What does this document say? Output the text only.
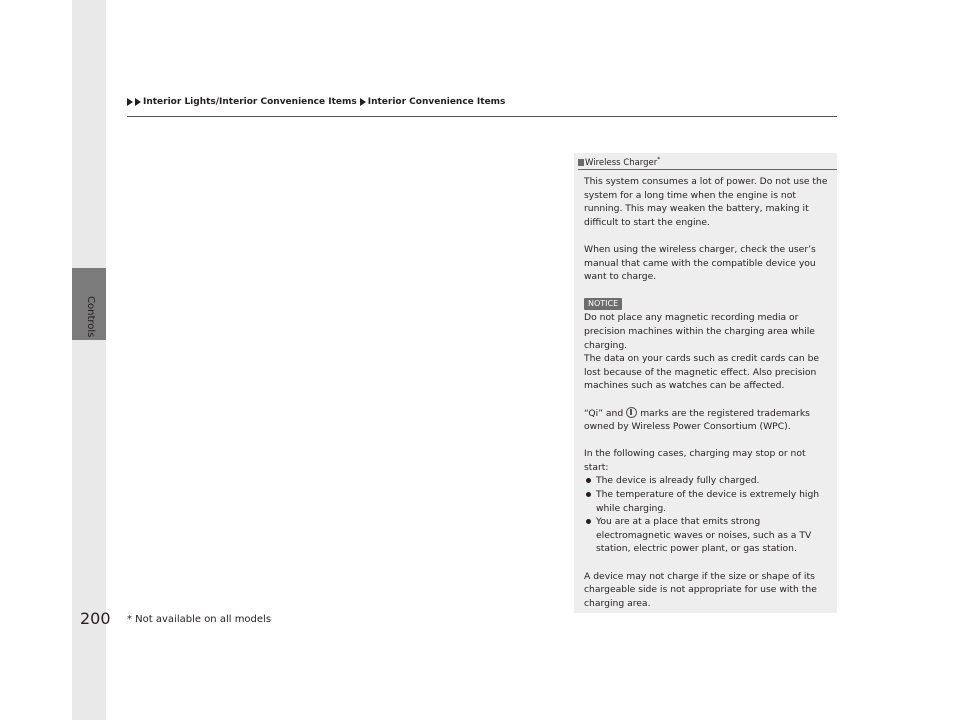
Controls
Interior Lights/Interior Convenience Items Interior Convenience Items
Wireless Charger*

This system consumes a lot of power. Do not use the system for a long time when the engine is not running. This may weaken the battery, making it difficult to start the engine.

When using the wireless charger, check the user’s manual that came with the compatible device you want to charge.

NOTICE
Do not place any magnetic recording media or precision machines within the charging area while charging.

The data on your cards such as credit cards can be lost because of the magnetic effect. Also precision machines such as watches can be affected.

“Qi” and marks are the registered trademarks owned by Wireless Power Consortium (WPC).

In the following cases, charging may stop or not start:
The device is already fully charged.
The temperature of the device is extremely high while charging.
You are at a place that emits strong electromagnetic waves or noises, such as a TV station, electric power plant, or gas station.

A device may not charge if the size or shape of its chargeable side is not appropriate for use with the charging area.

200 * Not available on all models
